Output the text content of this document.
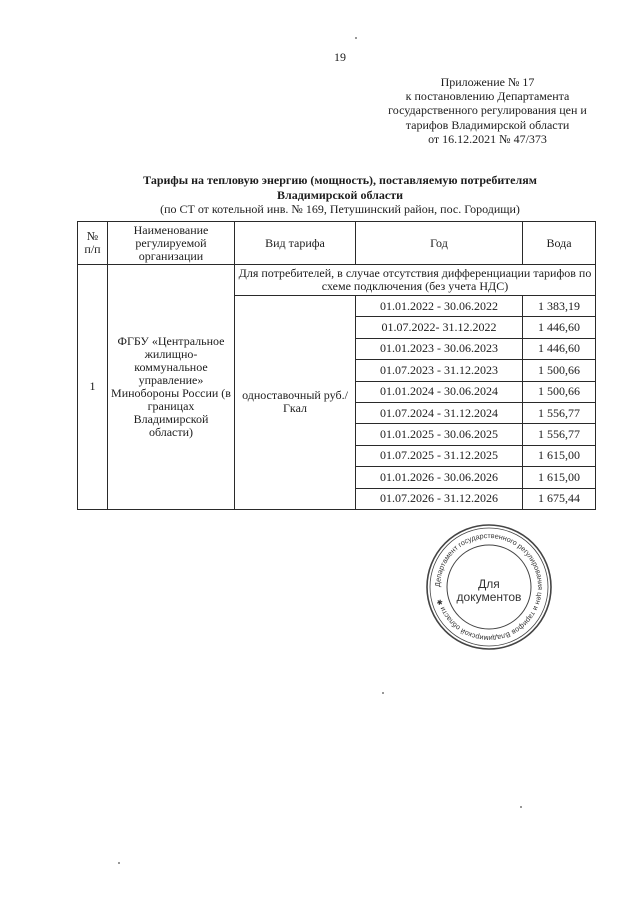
19
Приложение № 17
к постановлению Департамента
государственного регулирования цен и
тарифов Владимирской области
от 16.12.2021 № 47/373
Тарифы на тепловую энергию (мощность), поставляемую потребителям
Владимирской области
(по СТ от котельной инв. № 169, Петушинский район, пос. Городищи)
№ п/п	Наименование регулируемой организации	Вид тарифа	Год	Вода
1	ФГБУ «Центральное жилищно-коммунальное управление» Минобороны России (в границах Владимирской области)	Для потребителей, в случае отсутствия дифференциации тарифов по схеме подключения (без учета НДС)		
		одноставочный руб./Гкал	01.01.2022 - 30.06.2022	1 383,19
			01.07.2022- 31.12.2022	1 446,60
			01.01.2023 - 30.06.2023	1 446,60
			01.07.2023 - 31.12.2023	1 500,66
			01.01.2024 - 30.06.2024	1 500,66
			01.07.2024 - 31.12.2024	1 556,77
			01.01.2025 - 30.06.2025	1 556,77
			01.07.2025 - 31.12.2025	1 615,00
			01.01.2026 - 30.06.2026	1 615,00
			01.07.2026 - 31.12.2026	1 675,44
Департамент государственного регулирования цен и тарифов Владимирской области ✱
Для
документов
